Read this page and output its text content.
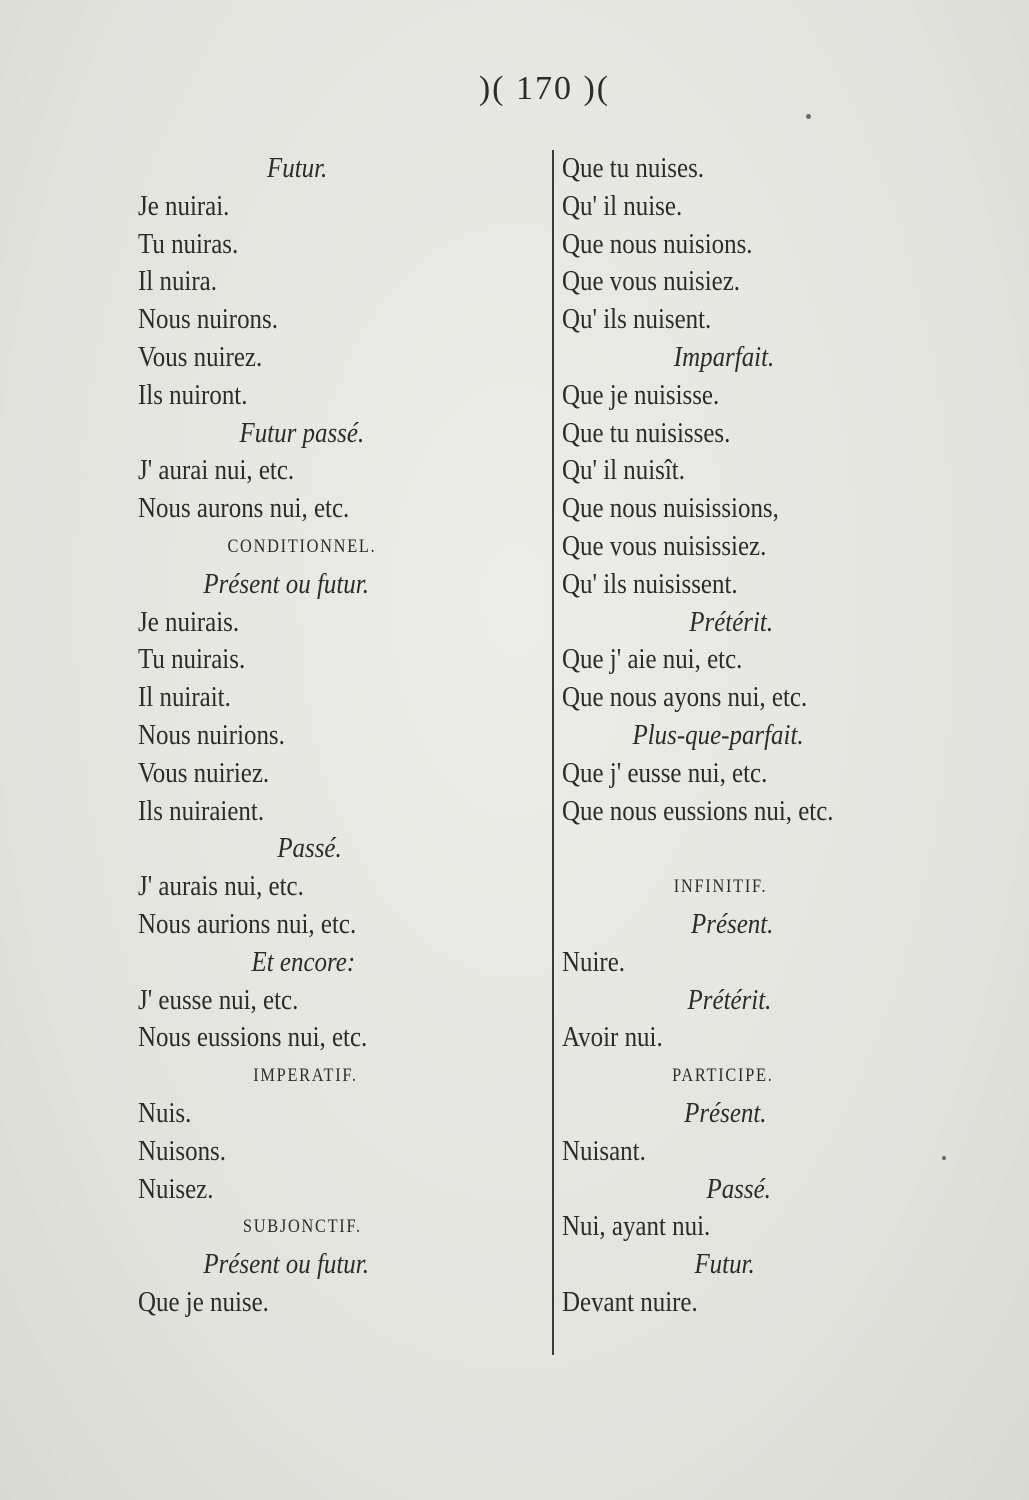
)( 170 )(
Futur.
Je nuirai.
Tu nuiras.
Il nuira.
Nous nuirons.
Vous nuirez.
Ils nuiront.
Futur passé.
J' aurai nui, etc.
Nous aurons nui, etc.
CONDITIONNEL.
Présent ou futur.
Je nuirais.
Tu nuirais.
Il nuirait.
Nous nuirions.
Vous nuiriez.
Ils nuiraient.
Passé.
J' aurais nui, etc.
Nous aurions nui, etc.
Et encore:
J' eusse nui, etc.
Nous eussions nui, etc.
IMPERATIF.
Nuis.
Nuisons.
Nuisez.
SUBJONCTIF.
Présent ou futur.
Que je nuise.
Que tu nuises.
Qu' il nuise.
Que nous nuisions.
Que vous nuisiez.
Qu' ils nuisent.
Imparfait.
Que je nuisisse.
Que tu nuisisses.
Qu' il nuisît.
Que nous nuisissions,
Que vous nuisissiez.
Qu' ils nuisissent.
Prétérit.
Que j' aie nui, etc.
Que nous ayons nui, etc.
Plus-que-parfait.
Que j' eusse nui, etc.
Que nous eussions nui, etc.
INFINITIF.
Présent.
Nuire.
Prétérit.
Avoir nui.
PARTICIPE.
Présent.
Nuisant.
Passé.
Nui, ayant nui.
Futur.
Devant nuire.
